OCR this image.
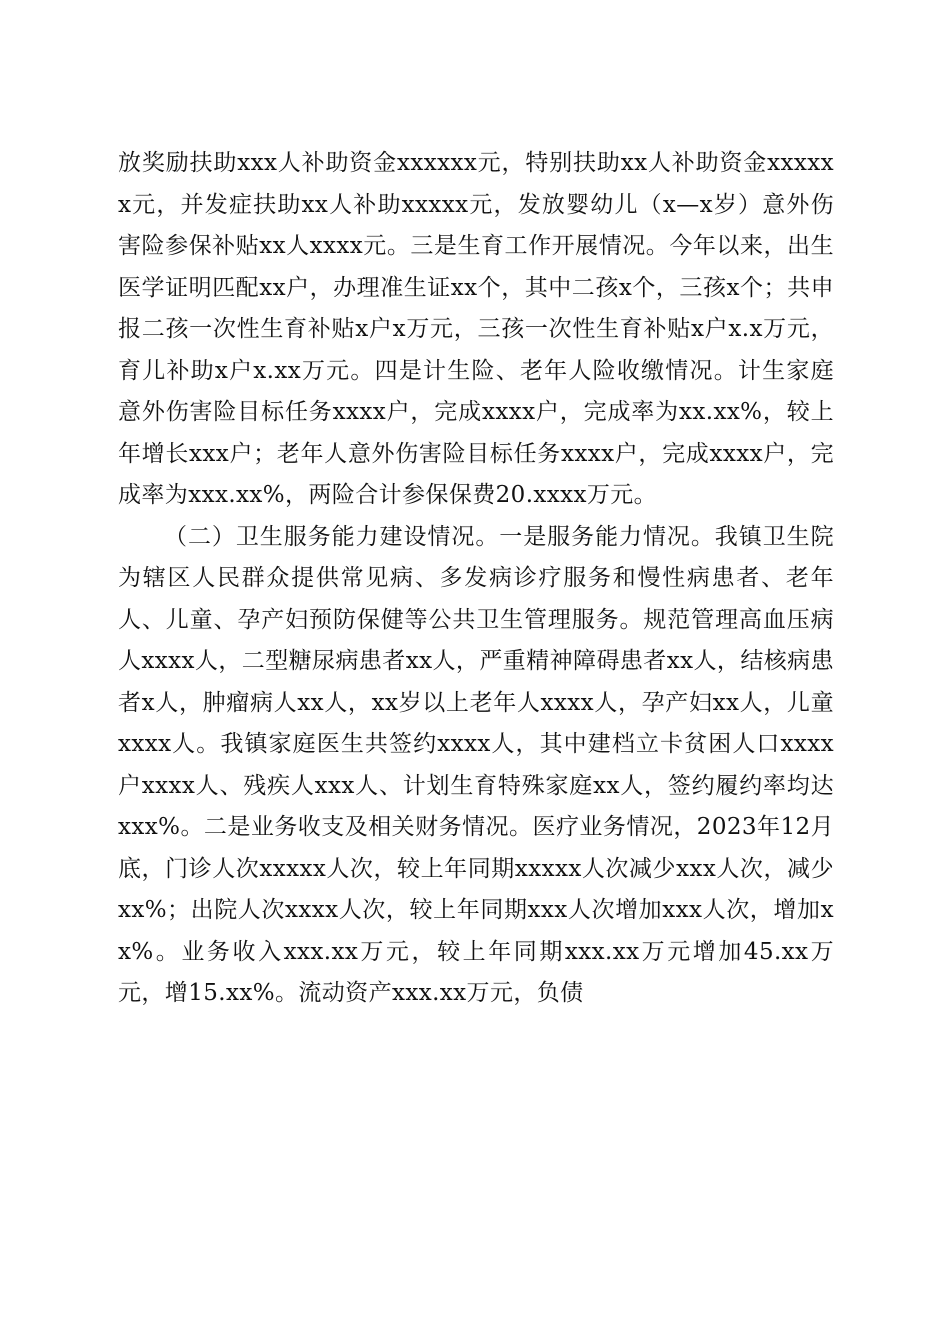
放奖励扶助xxx人补助资金xxxxxx元，特别扶助xx人补助资金xxxxxx元，并发症扶助xx人补助xxxxx元，发放婴幼儿（x—x岁）意外伤害险参保补贴xx人xxxx元。三是生育工作开展情况。今年以来，出生医学证明匹配xx户，办理准生证xx个，其中二孩x个，三孩x个；共申报二孩一次性生育补贴x户x万元，三孩一次性生育补贴x户x.x万元，育儿补助x户x.xx万元。四是计生险、老年人险收缴情况。计生家庭意外伤害险目标任务xxxx户，完成xxxx户，完成率为xx.xx%，较上年增长xxx户；老年人意外伤害险目标任务xxxx户，完成xxxx户，完成率为xxx.xx%，两险合计参保保费20.xxxx万元。

（二）卫生服务能力建设情况。一是服务能力情况。我镇卫生院为辖区人民群众提供常见病、多发病诊疗服务和慢性病患者、老年人、儿童、孕产妇预防保健等公共卫生管理服务。规范管理高血压病人xxxx人，二型糖尿病患者xx人，严重精神障碍患者xx人，结核病患者x人，肿瘤病人xx人，xx岁以上老年人xxxx人，孕产妇xx人，儿童xxxx人。我镇家庭医生共签约xxxx人，其中建档立卡贫困人口xxxx户xxxx人、残疾人xxx人、计划生育特殊家庭xx人，签约履约率均达xxx%。二是业务收支及相关财务情况。医疗业务情况，2023年12月底，门诊人次xxxxx人次，较上年同期xxxxx人次减少xxx人次，减少xx%；出院人次xxxx人次，较上年同期xxx人次增加xxx人次，增加xx%。业务收入xxx.xx万元，较上年同期xxx.xx万元增加45.xx万元，增15.xx%。流动资产xxx.xx万元，负债
